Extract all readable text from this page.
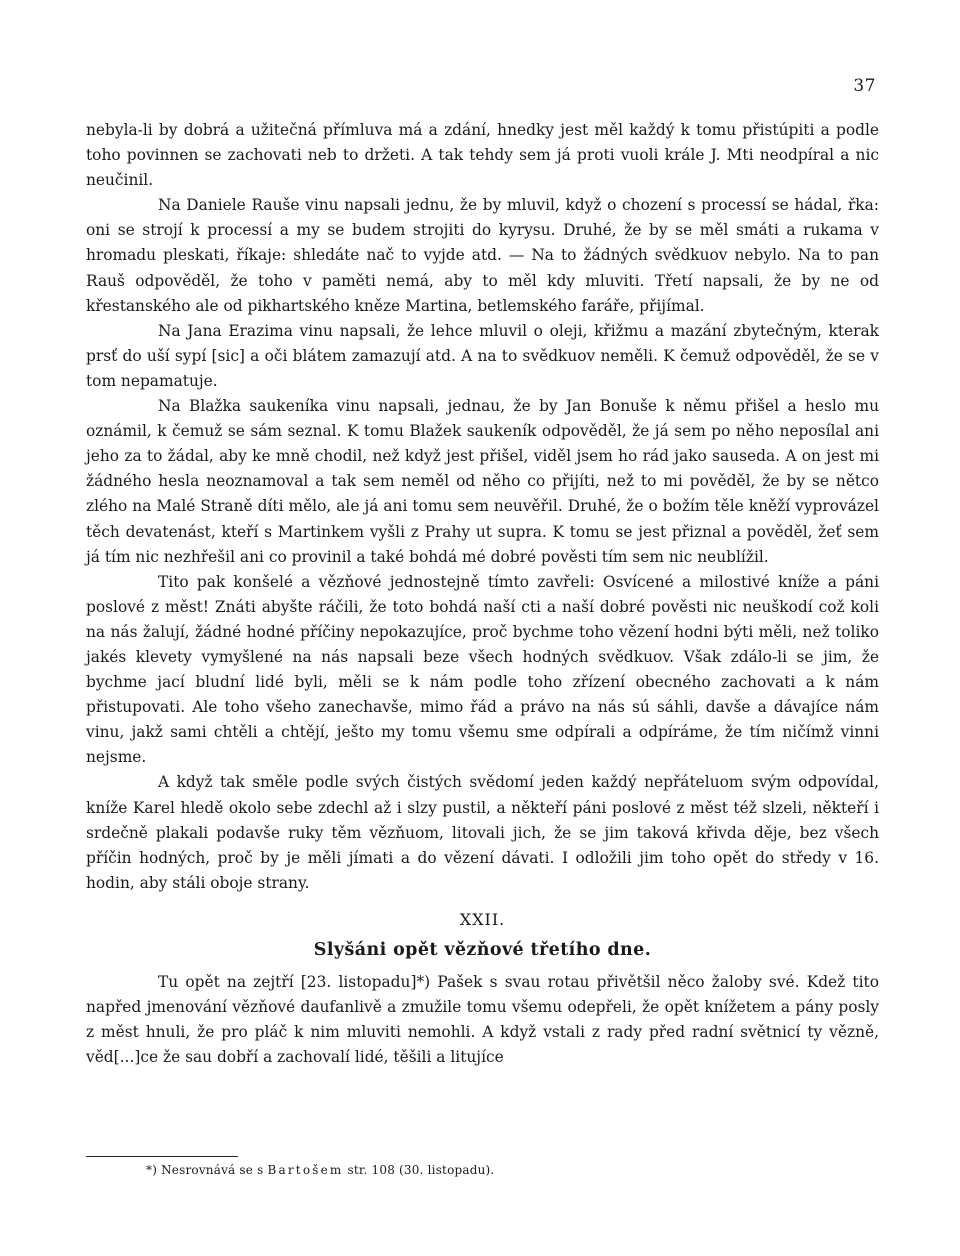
37

nebyla-li by dobrá a užitečná přímluva má a zdání, hnedky jest měl každý k tomu přistúpiti a podle toho povinnen se zachovati neb to držeti. A tak tehdy sem já proti vuoli krále J. Mti neodpíral a nic neučinil.

Na Daniele Rauše vinu napsali jednu, že by mluvil, když o chození s processí se hádal, řka: oni se strojí k processí a my se budem strojiti do kyrysu. Druhé, že by se měl smáti a rukama v hromadu pleskati, říkaje: shledáte nač to vyjde atd. — Na to žádných svědkuov nebylo. Na to pan Rauš odpověděl, že toho v paměti nemá, aby to měl kdy mluviti. Třetí napsali, že by ne od křestanského ale od pikhartského kněze Martina, betlemského faráře, přijímal.

Na Jana Erazima vinu napsali, že lehce mluvil o oleji, křižmu a mazání zbytečným, kterak prsť do uší sypí [sic] a oči blátem zamazují atd. A na to svědkuov neměli. K čemuž odpověděl, že se v tom nepamatuje.

Na Blažka saukeníka vinu napsali, jednau, že by Jan Bonuše k němu přišel a heslo mu oznámil, k čemuž se sám seznal. K tomu Blažek saukeník odpověděl, že já sem po něho neposílal ani jeho za to žádal, aby ke mně chodil, než když jest přišel, viděl jsem ho rád jako sauseda. A on jest mi žádného hesla neoznamoval a tak sem neměl od něho co přijíti, než to mi pověděl, že by se nětco zlého na Malé Straně díti mělo, ale já ani tomu sem neuvěřil. Druhé, že o božím těle kněží vyprovázel těch devatenást, kteří s Martinkem vyšli z Prahy ut supra. K tomu se jest přiznal a pověděl, žeť sem já tím nic nezhřešil ani co provinil a také bohdá mé dobré pověsti tím sem nic neublížil.

Tito pak konšelé a vězňové jednostejně tímto zavřeli: Osvícené a milostivé kníže a páni poslové z měst! Znáti abyšte ráčili, že toto bohdá naší cti a naší dobré pověsti nic neuškodí což koli na nás žalují, žádné hodné příčiny nepokazujíce, proč bychme toho vězení hodni býti měli, než toliko jakés klevety vymyšlené na nás napsali beze všech hodných svědkuov. Však zdálo-li se jim, že bychme jací bludní lidé byli, měli se k nám podle toho zřízení obecného zachovati a k nám přistupovati. Ale toho všeho zanechavše, mimo řád a právo na nás sú sáhli, davše a dávajíce nám vinu, jakž sami chtěli a chtějí, ješto my tomu všemu sme odpírali a odpíráme, že tím ničímž vinni nejsme.

A když tak směle podle svých čistých svědomí jeden každý nepřáteluom svým odpovídal, kníže Karel hledě okolo sebe zdechl až i slzy pustil, a někteří páni poslové z měst též slzeli, někteří i srdečně plakali podavše ruky těm vězňuom, litovali jich, že se jim taková křivda děje, bez všech příčin hodných, proč by je měli jímati a do vězení dávati. I odložili jim toho opět do středy v 16. hodin, aby stáli oboje strany.

XXII.
Slyšáni opět vězňové třetího dne.

Tu opět na zejtří [23. listopadu]*) Pašek s svau rotau přivětšil něco žaloby své. Kdež tito napřed jmenování vězňové daufanlivě a zmužile tomu všemu odepřeli, že opět knížetem a pány posly z měst hnuli, že pro pláč k nim mluviti nemohli. A když vstali z rady před radní světnicí ty vězně, věd[...]ce že sau dobří a zachovalí lidé, těšili a litujíce

*) Nesrovnává se s Bartošem str. 108 (30. listopadu).
